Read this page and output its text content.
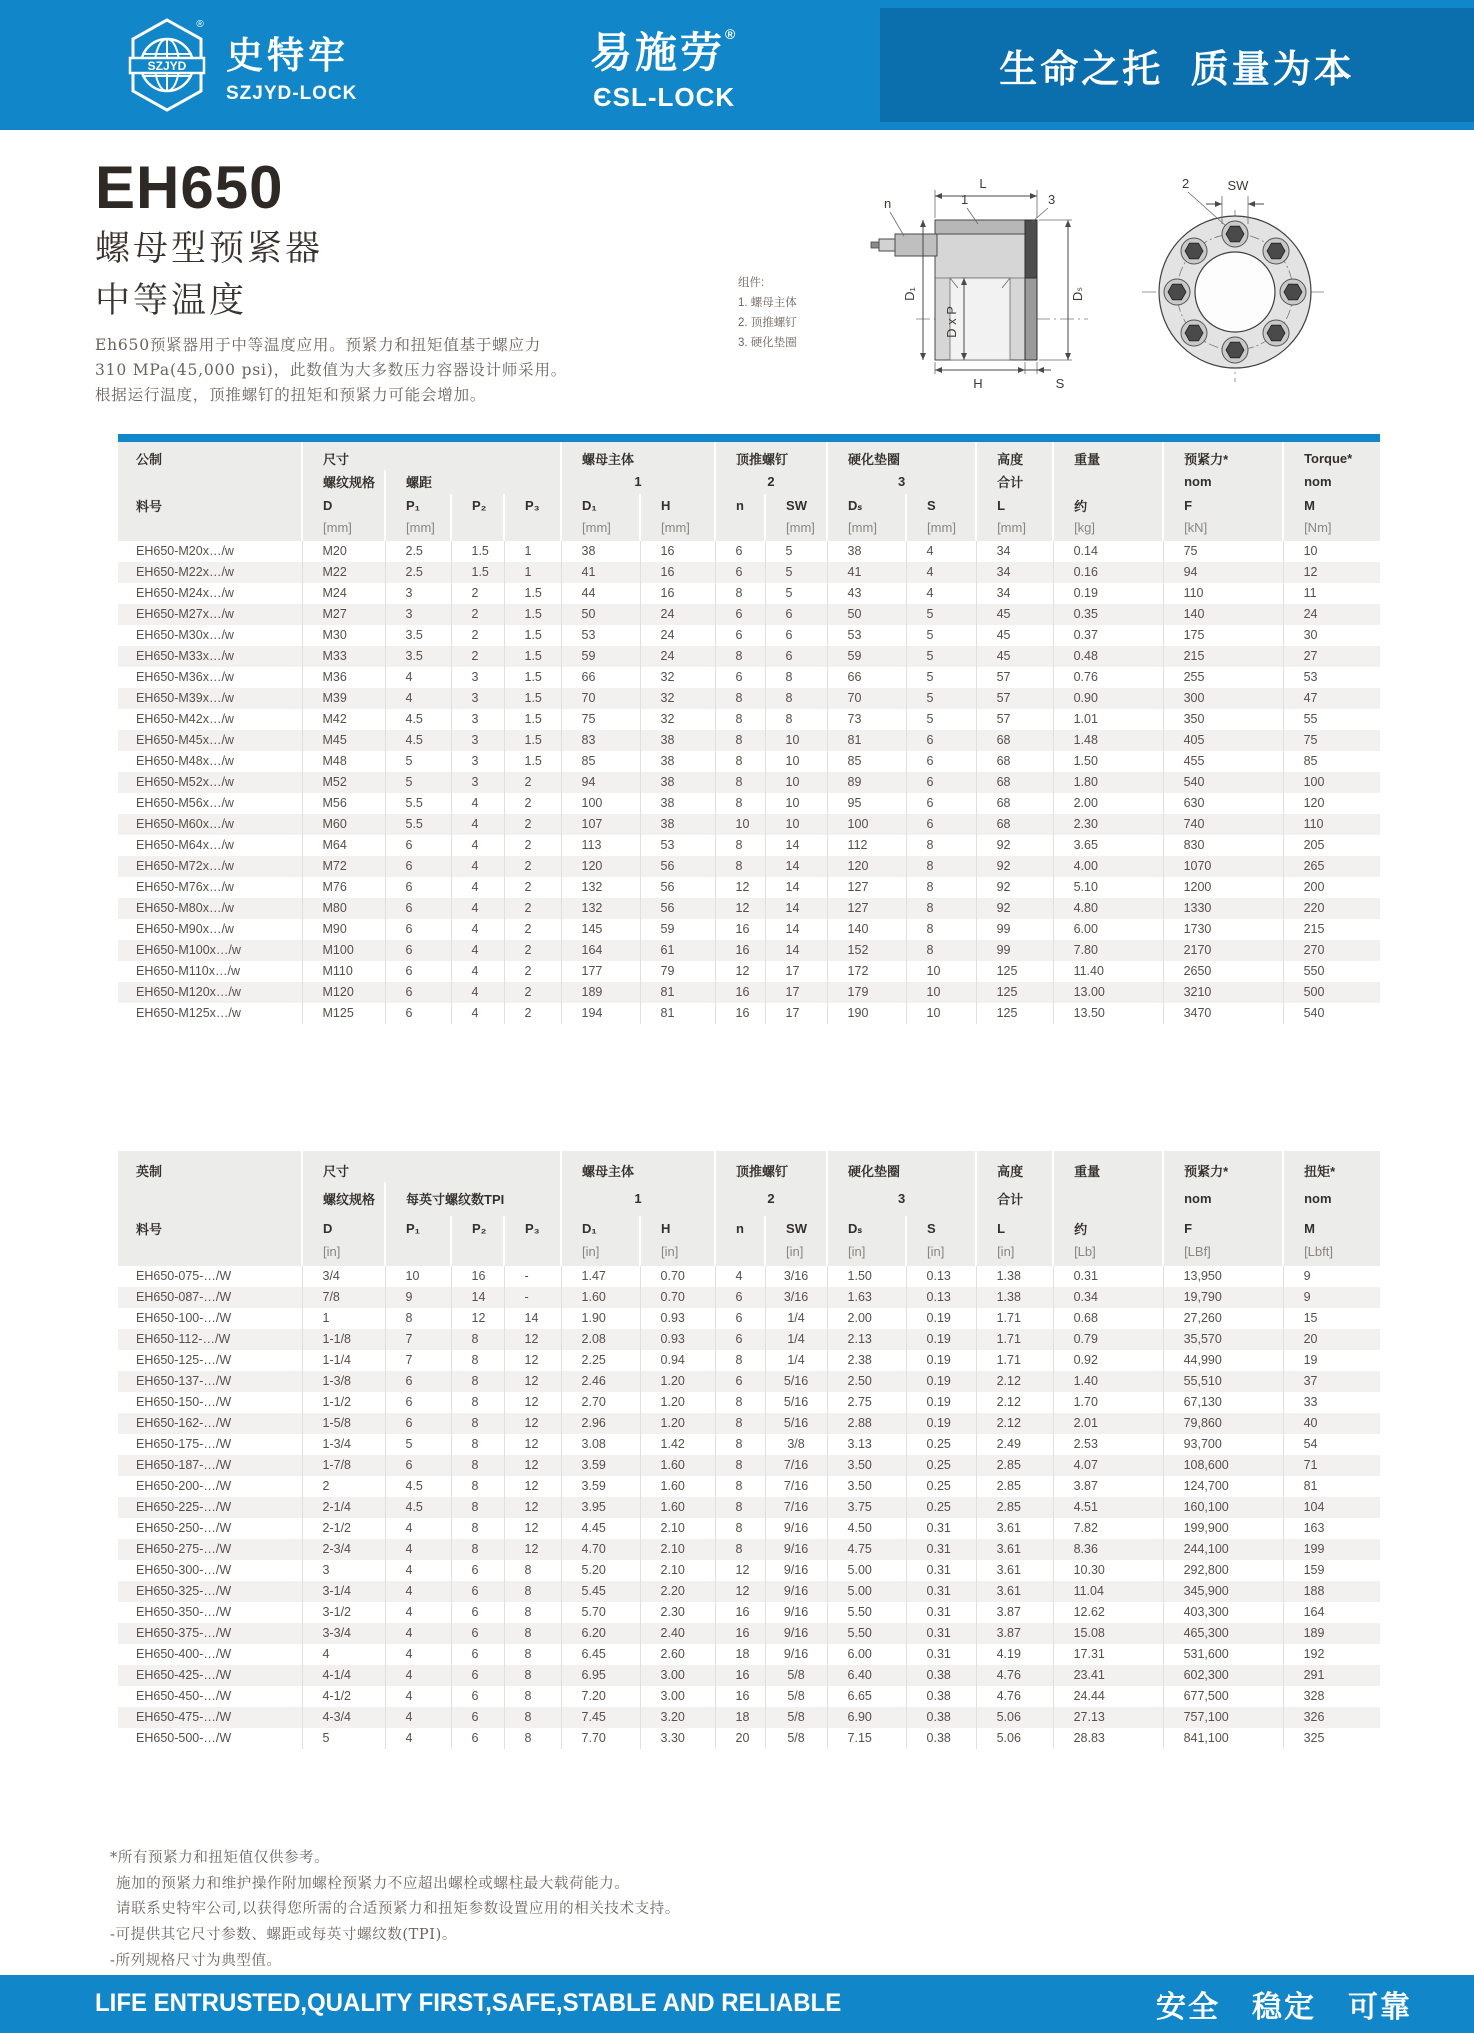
SZJYD
®
史特牢
SZJYD-LOCK
易施劳®
ЄSL-LOCK
生命之托 质量为本
EH650
螺母型预紧器
中等温度

Eh650预紧器用于中等温度应用。预紧力和扭矩值基于螺应力
310 MPa(45,000 psi)，此数值为大多数压力容器设计师采用。
根据运行温度，顶推螺钉的扭矩和预紧力可能会增加。

组件:
1. 螺母主体
2. 顶推螺钉
3. 硬化垫圈
L
n	1	3
D₁
D x P
Dₛ
H	S
2	SW
公制	尺寸				螺母主体		顶推螺钉		硬化垫圈		高度	重量	预紧力*	Torque*
	螺纹规格	螺距			1		2		3		合计		nom	nom
料号	D	P₁	P₂	P₃	D₁	H	n	SW	Dₛ	S	L	约	F	M
	[mm]	[mm]			[mm]	[mm]		[mm]	[mm]	[mm]	[mm]	[kg]	[kN]	[Nm]
EH650-M20x…/w	M20	2.5	1.5	1	38	16	6	5	38	4	34	0.14	75	10
EH650-M22x…/w	M22	2.5	1.5	1	41	16	6	5	41	4	34	0.16	94	12
EH650-M24x…/w	M24	3	2	1.5	44	16	8	5	43	4	34	0.19	110	11
EH650-M27x…/w	M27	3	2	1.5	50	24	6	6	50	5	45	0.35	140	24
EH650-M30x…/w	M30	3.5	2	1.5	53	24	6	6	53	5	45	0.37	175	30
EH650-M33x…/w	M33	3.5	2	1.5	59	24	8	6	59	5	45	0.48	215	27
EH650-M36x…/w	M36	4	3	1.5	66	32	6	8	66	5	57	0.76	255	53
EH650-M39x…/w	M39	4	3	1.5	70	32	8	8	70	5	57	0.90	300	47
EH650-M42x…/w	M42	4.5	3	1.5	75	32	8	8	73	5	57	1.01	350	55
EH650-M45x…/w	M45	4.5	3	1.5	83	38	8	10	81	6	68	1.48	405	75
EH650-M48x…/w	M48	5	3	1.5	85	38	8	10	85	6	68	1.50	455	85
EH650-M52x…/w	M52	5	3	2	94	38	8	10	89	6	68	1.80	540	100
EH650-M56x…/w	M56	5.5	4	2	100	38	8	10	95	6	68	2.00	630	120
EH650-M60x…/w	M60	5.5	4	2	107	38	10	10	100	6	68	2.30	740	110
EH650-M64x…/w	M64	6	4	2	113	53	8	14	112	8	92	3.65	830	205
EH650-M72x…/w	M72	6	4	2	120	56	8	14	120	8	92	4.00	1070	265
EH650-M76x…/w	M76	6	4	2	132	56	12	14	127	8	92	5.10	1200	200
EH650-M80x…/w	M80	6	4	2	132	56	12	14	127	8	92	4.80	1330	220
EH650-M90x…/w	M90	6	4	2	145	59	16	14	140	8	99	6.00	1730	215
EH650-M100x…/w	M100	6	4	2	164	61	16	14	152	8	99	7.80	2170	270
EH650-M110x…/w	M110	6	4	2	177	79	12	17	172	10	125	11.40	2650	550
EH650-M120x…/w	M120	6	4	2	189	81	16	17	179	10	125	13.00	3210	500
EH650-M125x…/w	M125	6	4	2	194	81	16	17	190	10	125	13.50	3470	540
英制	尺寸				螺母主体		顶推螺钉		硬化垫圈		高度	重量	预紧力*	扭矩*
	螺纹规格	每英寸螺纹数TPI			1		2		3		合计		nom	nom
料号	D	P₁	P₂	P₃	D₁	H	n	SW	Dₛ	S	L	约	F	M
	[in]				[in]	[in]		[in]	[in]	[in]	[in]	[Lb]	[LBf]	[Lbft]
EH650-075-…/W	3/4	10	16	-	1.47	0.70	4	3/16	1.50	0.13	1.38	0.31	13,950	9
EH650-087-…/W	7/8	9	14	-	1.60	0.70	6	3/16	1.63	0.13	1.38	0.34	19,790	9
EH650-100-…/W	1	8	12	14	1.90	0.93	6	1/4	2.00	0.19	1.71	0.68	27,260	15
EH650-112-…/W	1-1/8	7	8	12	2.08	0.93	6	1/4	2.13	0.19	1.71	0.79	35,570	20
EH650-125-…/W	1-1/4	7	8	12	2.25	0.94	8	1/4	2.38	0.19	1.71	0.92	44,990	19
EH650-137-…/W	1-3/8	6	8	12	2.46	1.20	6	5/16	2.50	0.19	2.12	1.40	55,510	37
EH650-150-…/W	1-1/2	6	8	12	2.70	1.20	8	5/16	2.75	0.19	2.12	1.70	67,130	33
EH650-162-…/W	1-5/8	6	8	12	2.96	1.20	8	5/16	2.88	0.19	2.12	2.01	79,860	40
EH650-175-…/W	1-3/4	5	8	12	3.08	1.42	8	3/8	3.13	0.25	2.49	2.53	93,700	54
EH650-187-…/W	1-7/8	6	8	12	3.59	1.60	8	7/16	3.50	0.25	2.85	4.07	108,600	71
EH650-200-…/W	2	4.5	8	12	3.59	1.60	8	7/16	3.50	0.25	2.85	3.87	124,700	81
EH650-225-…/W	2-1/4	4.5	8	12	3.95	1.60	8	7/16	3.75	0.25	2.85	4.51	160,100	104
EH650-250-…/W	2-1/2	4	8	12	4.45	2.10	8	9/16	4.50	0.31	3.61	7.82	199,900	163
EH650-275-…/W	2-3/4	4	8	12	4.70	2.10	8	9/16	4.75	0.31	3.61	8.36	244,100	199
EH650-300-…/W	3	4	6	8	5.20	2.10	12	9/16	5.00	0.31	3.61	10.30	292,800	159
EH650-325-…/W	3-1/4	4	6	8	5.45	2.20	12	9/16	5.00	0.31	3.61	11.04	345,900	188
EH650-350-…/W	3-1/2	4	6	8	5.70	2.30	16	9/16	5.50	0.31	3.87	12.62	403,300	164
EH650-375-…/W	3-3/4	4	6	8	6.20	2.40	16	9/16	5.50	0.31	3.87	15.08	465,300	189
EH650-400-…/W	4	4	6	8	6.45	2.60	18	9/16	6.00	0.31	4.19	17.31	531,600	192
EH650-425-…/W	4-1/4	4	6	8	6.95	3.00	16	5/8	6.40	0.38	4.76	23.41	602,300	291
EH650-450-…/W	4-1/2	4	6	8	7.20	3.00	16	5/8	6.65	0.38	4.76	24.44	677,500	328
EH650-475-…/W	4-3/4	4	6	8	7.45	3.20	18	5/8	6.90	0.38	5.06	27.13	757,100	326
EH650-500-…/W	5	4	6	8	7.70	3.30	20	5/8	7.15	0.38	5.06	28.83	841,100	325

*所有预紧力和扭矩值仅供参考。

施加的预紧力和维护操作附加螺栓预紧力不应超出螺栓或螺柱最大载荷能力。

请联系史特牢公司,以获得您所需的合适预紧力和扭矩参数设置应用的相关技术支持。

-可提供其它尺寸参数、螺距或每英寸螺纹数(TPI)。

-所列规格尺寸为典型值。

LIFE ENTRUSTED,QUALITY FIRST,SAFE,STABLE AND RELIABLE	安全　稳定　可靠
